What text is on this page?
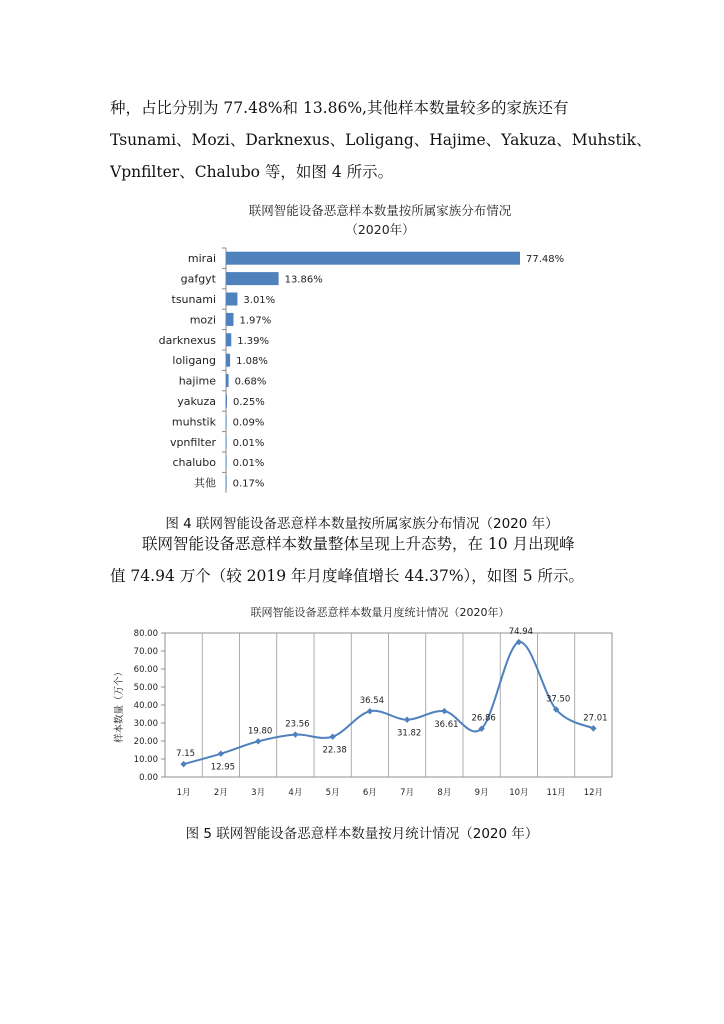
种，占比分别为 77.48%和 13.86%,其他样本数量较多的家族还有
Tsunami、Mozi、Darknexus、Loligang、Hajime、Yakuza、Muhstik、
Vpnfilter、Chalubo 等，如图 4 所示。
联网智能设备恶意样本数量按所属家族分布情况
（2020年）
mirai	77.48%
gafgyt	13.86%
tsunami	3.01%
mozi 1.97%
darknexus 1.39%
loligang 1.08%
hajime 0.68%
yakuza 0.25%
muhstik 0.09%
vpnfilter 0.01%
chalubo 0.01%
其他 0.17%
图 4 联网智能设备恶意样本数量按所属家族分布情况（2020 年）
联网智能设备恶意样本数量整体呈现上升态势，在 10 月出现峰
值 74.94 万个（较 2019 年月度峰值增长 44.37%），如图 5 所示。
联网智能设备恶意样本数量月度统计情况（2020年）
0.00
10.00
20.00
30.00
40.00
50.00
60.00
70.00
80.00
1月	2月	3月	4月	5月	6月	7月	8月	9月 10月 11月 12月
样本数量（万个）
7.15
12.95
19.80
23.56
22.38
36.54
31.82
36.61
26.86
74.94
37.50
27.01
图 5 联网智能设备恶意样本数量按月统计情况（2020 年）
